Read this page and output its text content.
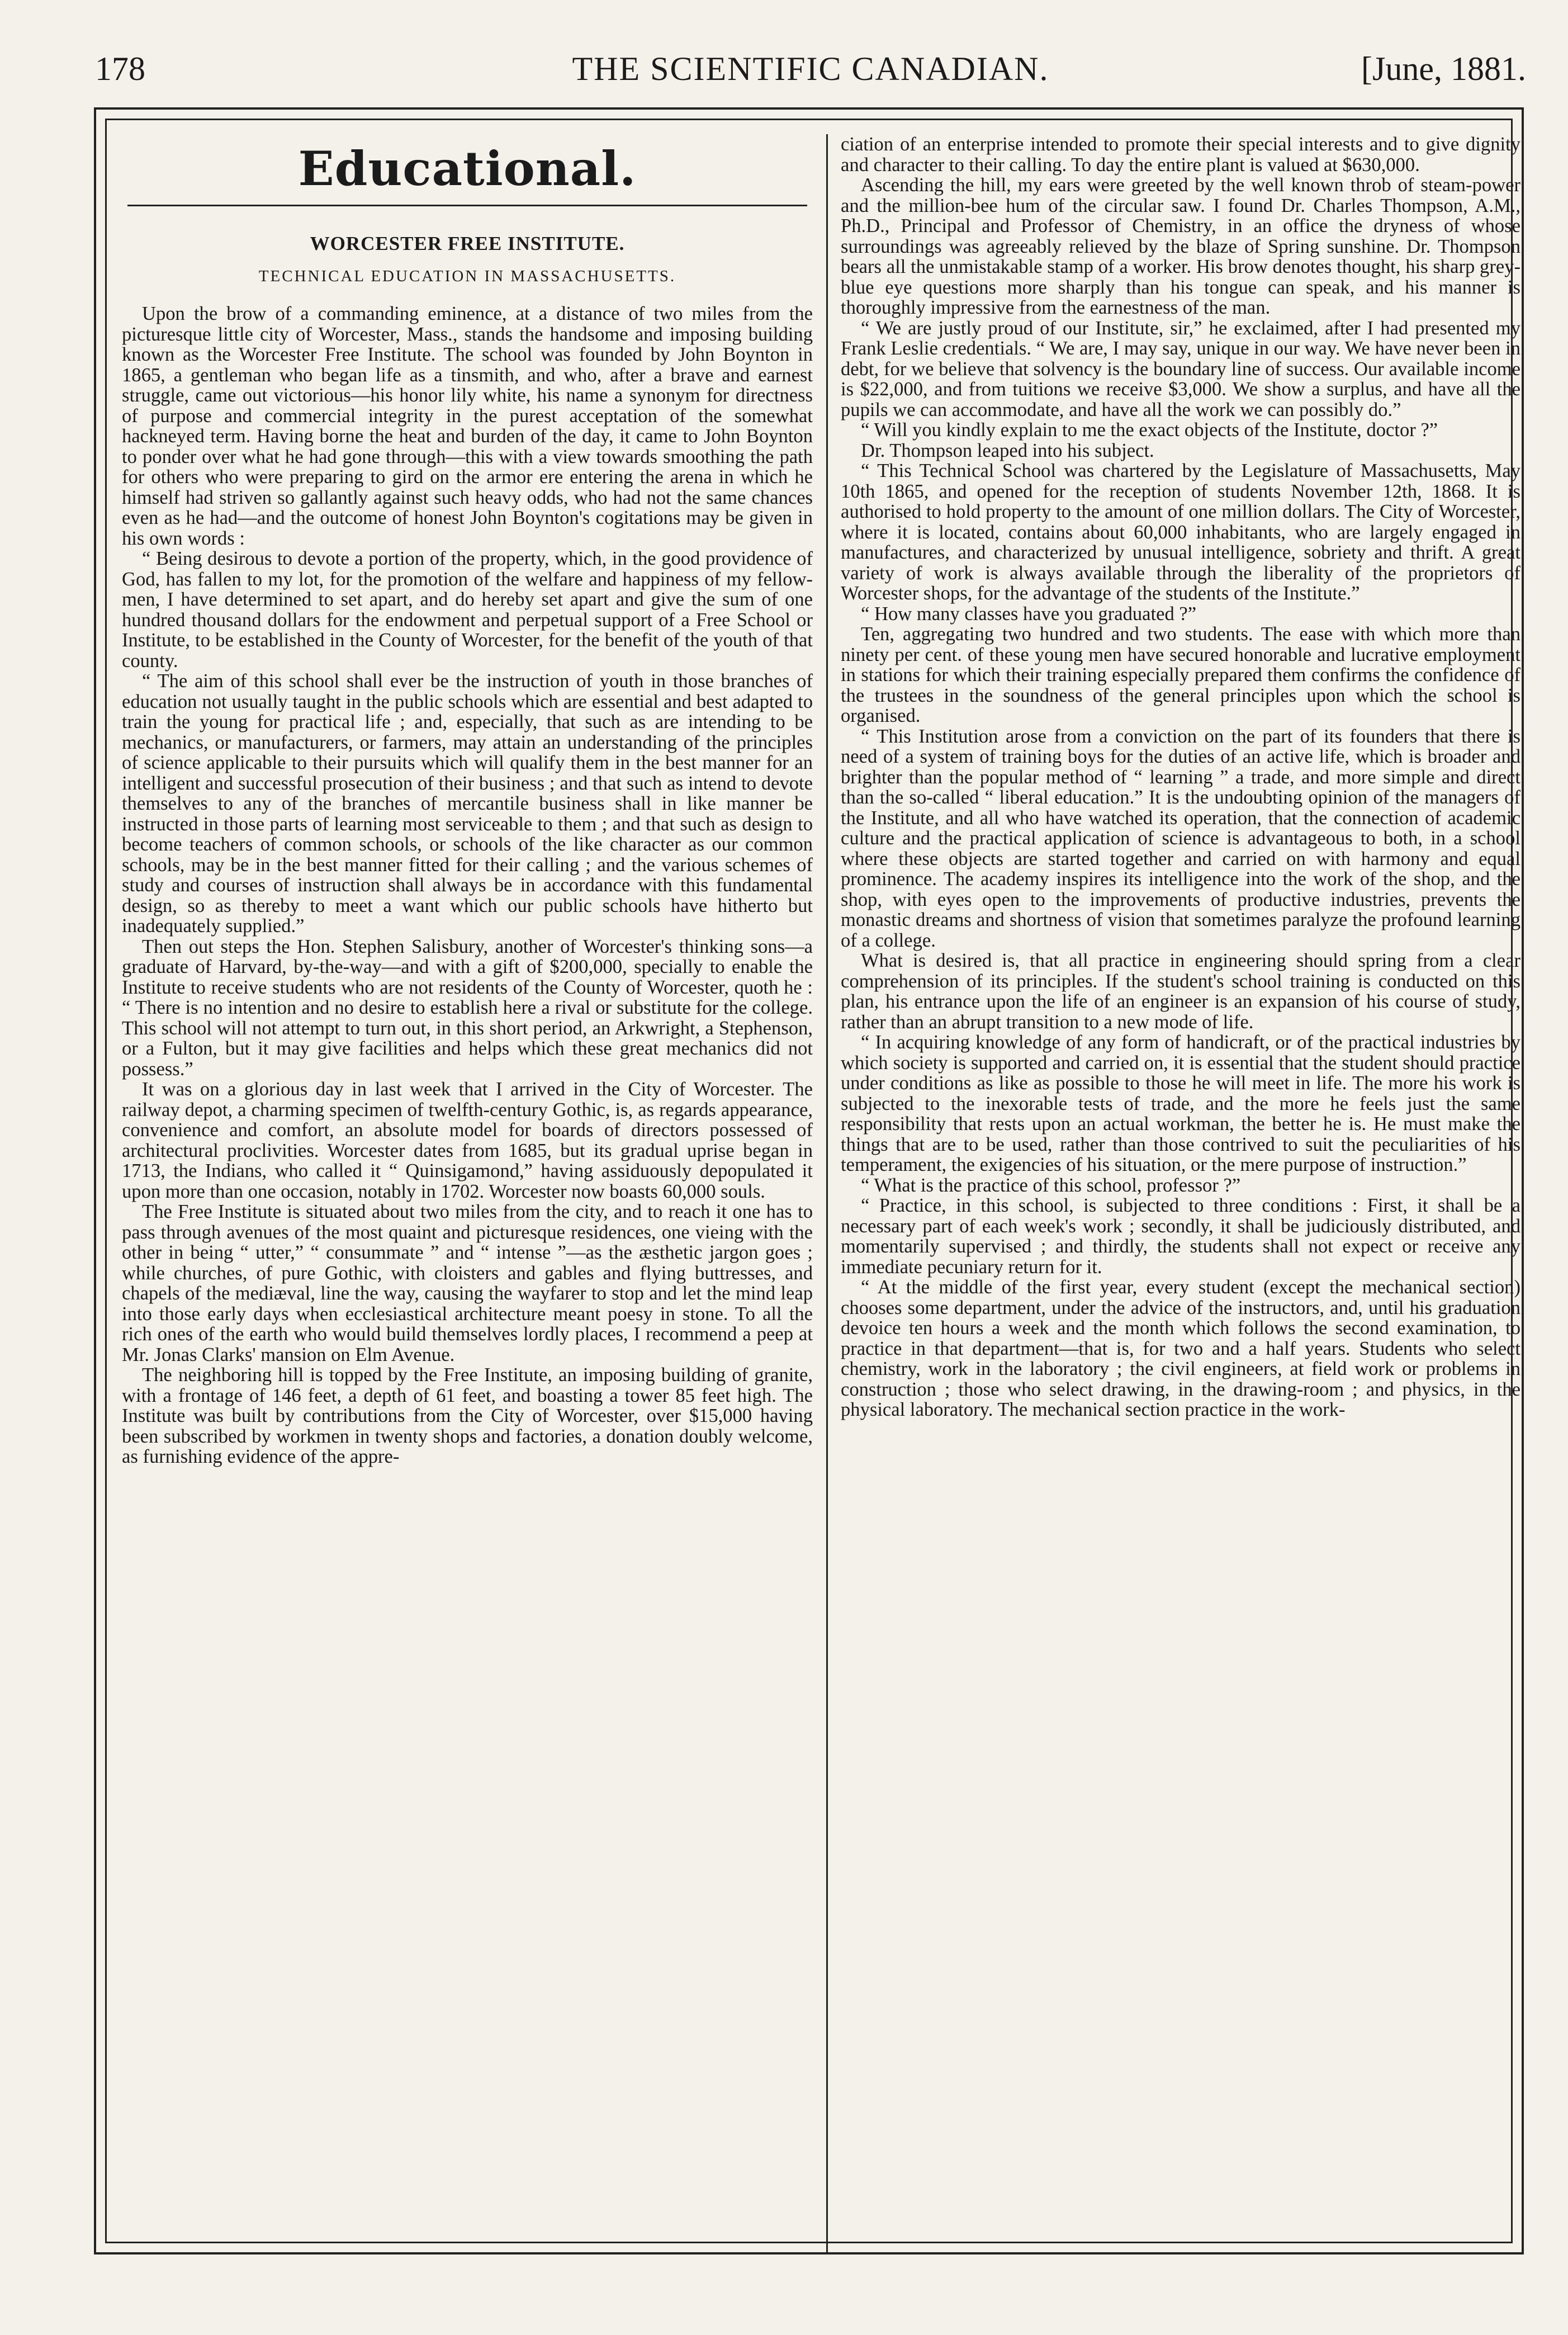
178	THE SCIENTIFIC CANADIAN.	[June, 1881.
Educational.
WORCESTER FREE INSTITUTE.
TECHNICAL EDUCATION IN MASSACHUSETTS.

Upon the brow of a commanding eminence, at a distance of two miles from the picturesque little city of Worcester, Mass., stands the handsome and imposing building known as the Worcester Free Institute. The school was founded by John Boynton in 1865, a gentleman who began life as a tinsmith, and who, after a brave and earnest struggle, came out victorious—his honor lily white, his name a synonym for directness of purpose and commercial integrity in the purest acceptation of the somewhat hackneyed term. Having borne the heat and burden of the day, it came to John Boynton to ponder over what he had gone through—this with a view towards smoothing the path for others who were preparing to gird on the armor ere entering the arena in which he himself had striven so gallantly against such heavy odds, who had not the same chances even as he had—and the outcome of honest John Boynton's cogitations may be given in his own words :

“ Being desirous to devote a portion of the property, which, in the good providence of God, has fallen to my lot, for the promotion of the welfare and happiness of my fellow-men, I have determined to set apart, and do hereby set apart and give the sum of one hundred thousand dollars for the endowment and perpetual support of a Free School or Institute, to be established in the County of Worcester, for the benefit of the youth of that county.

“ The aim of this school shall ever be the instruction of youth in those branches of education not usually taught in the public schools which are essential and best adapted to train the young for practical life ; and, especially, that such as are intending to be mechanics, or manufacturers, or farmers, may attain an understanding of the principles of science applicable to their pursuits which will qualify them in the best manner for an intelligent and successful prosecution of their business ; and that such as intend to devote themselves to any of the branches of mercantile business shall in like manner be instructed in those parts of learning most serviceable to them ; and that such as design to become teachers of common schools, or schools of the like character as our common schools, may be in the best manner fitted for their calling ; and the various schemes of study and courses of instruction shall always be in accordance with this fundamental design, so as thereby to meet a want which our public schools have hitherto but inadequately supplied.”

Then out steps the Hon. Stephen Salisbury, another of Worcester's thinking sons—a graduate of Harvard, by-the-way—and with a gift of $200,000, specially to enable the Institute to receive students who are not residents of the County of Worcester, quoth he : “ There is no intention and no desire to establish here a rival or substitute for the college. This school will not attempt to turn out, in this short period, an Arkwright, a Stephenson, or a Fulton, but it may give facilities and helps which these great mechanics did not possess.”

It was on a glorious day in last week that I arrived in the City of Worcester. The railway depot, a charming specimen of twelfth-century Gothic, is, as regards appearance, convenience and comfort, an absolute model for boards of directors possessed of architectural proclivities. Worcester dates from 1685, but its gradual uprise began in 1713, the Indians, who called it “ Quinsigamond,” having assiduously depopulated it upon more than one occasion, notably in 1702. Worcester now boasts 60,000 souls.

The Free Institute is situated about two miles from the city, and to reach it one has to pass through avenues of the most quaint and picturesque residences, one vieing with the other in being “ utter,” “ consummate ” and “ intense ”—as the æsthetic jargon goes ; while churches, of pure Gothic, with cloisters and gables and flying buttresses, and chapels of the mediæval, line the way, causing the wayfarer to stop and let the mind leap into those early days when ecclesiastical architecture meant poesy in stone. To all the rich ones of the earth who would build themselves lordly places, I recommend a peep at Mr. Jonas Clarks' mansion on Elm Avenue.

The neighboring hill is topped by the Free Institute, an imposing building of granite, with a frontage of 146 feet, a depth of 61 feet, and boasting a tower 85 feet high. The Institute was built by contributions from the City of Worcester, over $15,000 having been subscribed by workmen in twenty shops and factories, a donation doubly welcome, as furnishing evidence of the appre-

ciation of an enterprise intended to promote their special interests and to give dignity and character to their calling. To day the entire plant is valued at $630,000.

Ascending the hill, my ears were greeted by the well known throb of steam-power and the million-bee hum of the circular saw. I found Dr. Charles Thompson, A.M., Ph.D., Principal and Professor of Chemistry, in an office the dryness of whose surroundings was agreeably relieved by the blaze of Spring sunshine. Dr. Thompson bears all the unmistakable stamp of a worker. His brow denotes thought, his sharp grey-blue eye questions more sharply than his tongue can speak, and his manner is thoroughly impressive from the earnestness of the man.

“ We are justly proud of our Institute, sir,” he exclaimed, after I had presented my Frank Leslie credentials. “ We are, I may say, unique in our way. We have never been in debt, for we believe that solvency is the boundary line of success. Our available income is $22,000, and from tuitions we receive $3,000. We show a surplus, and have all the pupils we can accommodate, and have all the work we can possibly do.”

“ Will you kindly explain to me the exact objects of the Institute, doctor ?”

Dr. Thompson leaped into his subject.

“ This Technical School was chartered by the Legislature of Massachusetts, May 10th 1865, and opened for the reception of students November 12th, 1868. It is authorised to hold property to the amount of one million dollars. The City of Worcester, where it is located, contains about 60,000 inhabitants, who are largely engaged in manufactures, and characterized by unusual intelligence, sobriety and thrift. A great variety of work is always available through the liberality of the proprietors of Worcester shops, for the advantage of the students of the Institute.”

“ How many classes have you graduated ?”

Ten, aggregating two hundred and two students. The ease with which more than ninety per cent. of these young men have secured honorable and lucrative employment in stations for which their training especially prepared them confirms the confidence of the trustees in the soundness of the general principles upon which the school is organised.

“ This Institution arose from a conviction on the part of its founders that there is need of a system of training boys for the duties of an active life, which is broader and brighter than the popular method of “ learning ” a trade, and more simple and direct than the so-called “ liberal education.” It is the undoubting opinion of the managers of the Institute, and all who have watched its operation, that the connection of academic culture and the practical application of science is advantageous to both, in a school where these objects are started together and carried on with harmony and equal prominence. The academy inspires its intelligence into the work of the shop, and the shop, with eyes open to the improvements of productive industries, prevents the monastic dreams and shortness of vision that sometimes paralyze the profound learning of a college.

What is desired is, that all practice in engineering should spring from a clear comprehension of its principles. If the student's school training is conducted on this plan, his entrance upon the life of an engineer is an expansion of his course of study, rather than an abrupt transition to a new mode of life.

“ In acquiring knowledge of any form of handicraft, or of the practical industries by which society is supported and carried on, it is essential that the student should practice under conditions as like as possible to those he will meet in life. The more his work is subjected to the inexorable tests of trade, and the more he feels just the same responsibility that rests upon an actual workman, the better he is. He must make the things that are to be used, rather than those contrived to suit the peculiarities of his temperament, the exigencies of his situation, or the mere purpose of instruction.”

“ What is the practice of this school, professor ?”

“ Practice, in this school, is subjected to three conditions : First, it shall be a necessary part of each week's work ; secondly, it shall be judiciously distributed, and momentarily supervised ; and thirdly, the students shall not expect or receive any immediate pecuniary return for it.

“ At the middle of the first year, every student (except the mechanical section) chooses some department, under the advice of the instructors, and, until his graduation devoice ten hours a week and the month which follows the second examination, to practice in that department—that is, for two and a half years. Students who select chemistry, work in the laboratory ; the civil engineers, at field work or problems in construction ; those who select drawing, in the drawing-room ; and physics, in the physical laboratory. The mechanical section practice in the work-
